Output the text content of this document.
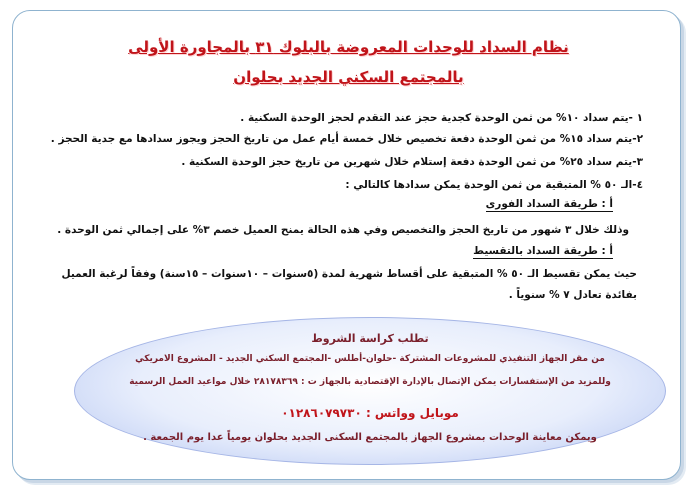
نظام السداد للوحدات المعروضة بالبلوك ٣١ بالمجاورة الأولى
بالمجتمع السكني الجديد بحلوان
١ -يتم سداد ١٠% من ثمن الوحدة كجدية حجز عند التقدم لحجز الوحدة السكنية .
٢-يتم سداد ١٥% من ثمن الوحدة دفعة تخصيص خلال خمسة أيام عمل من تاريخ الحجز ويجوز سدادها مع جدية الحجز .
٣-يتم سداد ٢٥% من ثمن الوحدة دفعة إستلام خلال شهرين من تاريخ حجز الوحدة السكنية .
٤-الـ ٥٠ % المتبقية من ثمن الوحدة يمكن سدادها كالتالي :
أ : طريقة السداد الفورى
وذلك خلال ٣ شهور من تاريخ الحجز والتخصيص وفي هذه الحالة يمنح العميل خصم ٣% على إجمالي ثمن الوحدة .
أ : طريقة السداد بالتقسيط
حيث يمكن تقسيط الـ ٥٠ % المتبقية على أقساط شهرية لمدة (٥سنوات – ١٠سنوات – ١٥سنة) وفقاً لرغبة العميل
بفائدة تعادل ٧ % سنوياً .
تطلب كراسة الشروط
من مقر الجهاز التنفيذي للمشروعات المشتركة -حلوان-أطلس -المجتمع السكني الجديد - المشروع الامريكي
وللمزيد من الإستفسارات يمكن الإتصال بالإدارة الإقتصادية بالجهاز ت : ٢٨١٧٨٣٦٩ خلال مواعيد العمل الرسمية
موبايل وواتس : ٠١٢٨٦٠٧٩٧٣٠
ويمكن معاينة الوحدات بمشروع الجهاز بالمجتمع السكنى الجديد بحلوان يومياً عدا يوم الجمعة .
